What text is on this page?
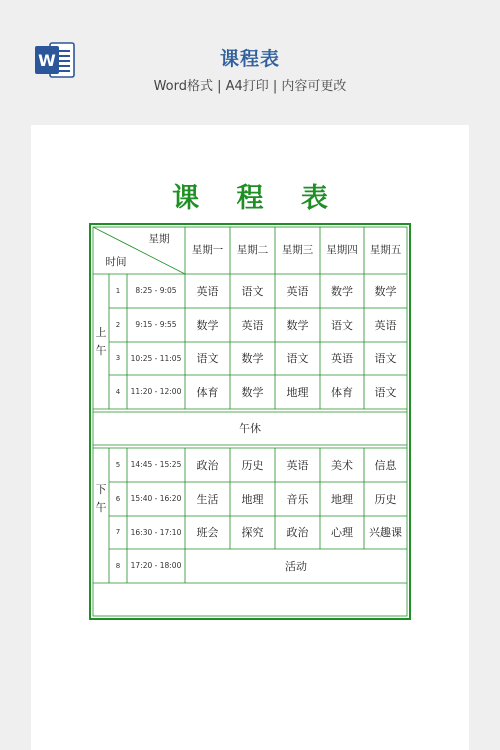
W	课程表
Word格式 | A4打印 | 内容可更改
课 程 表
星期
时间
星期一	星期二	星期三	星期四	星期五
上
午
1	8:25 - 9:05	英语	语文	英语	数学	数学
2	9:15 - 9:55	数学	英语	数学	语文	英语
3	10:25 - 11:05	语文	数学	语文	英语	语文
4	11:20 - 12:00	体育	数学	地理	体育	语文
午休
下
午
5	14:45 - 15:25	政治	历史	英语	美术	信息
6	15:40 - 16:20	生活	地理	音乐	地理	历史
7	16:30 - 17:10	班会	探究	政治	心理	兴趣课
8	17:20 - 18:00	活动
